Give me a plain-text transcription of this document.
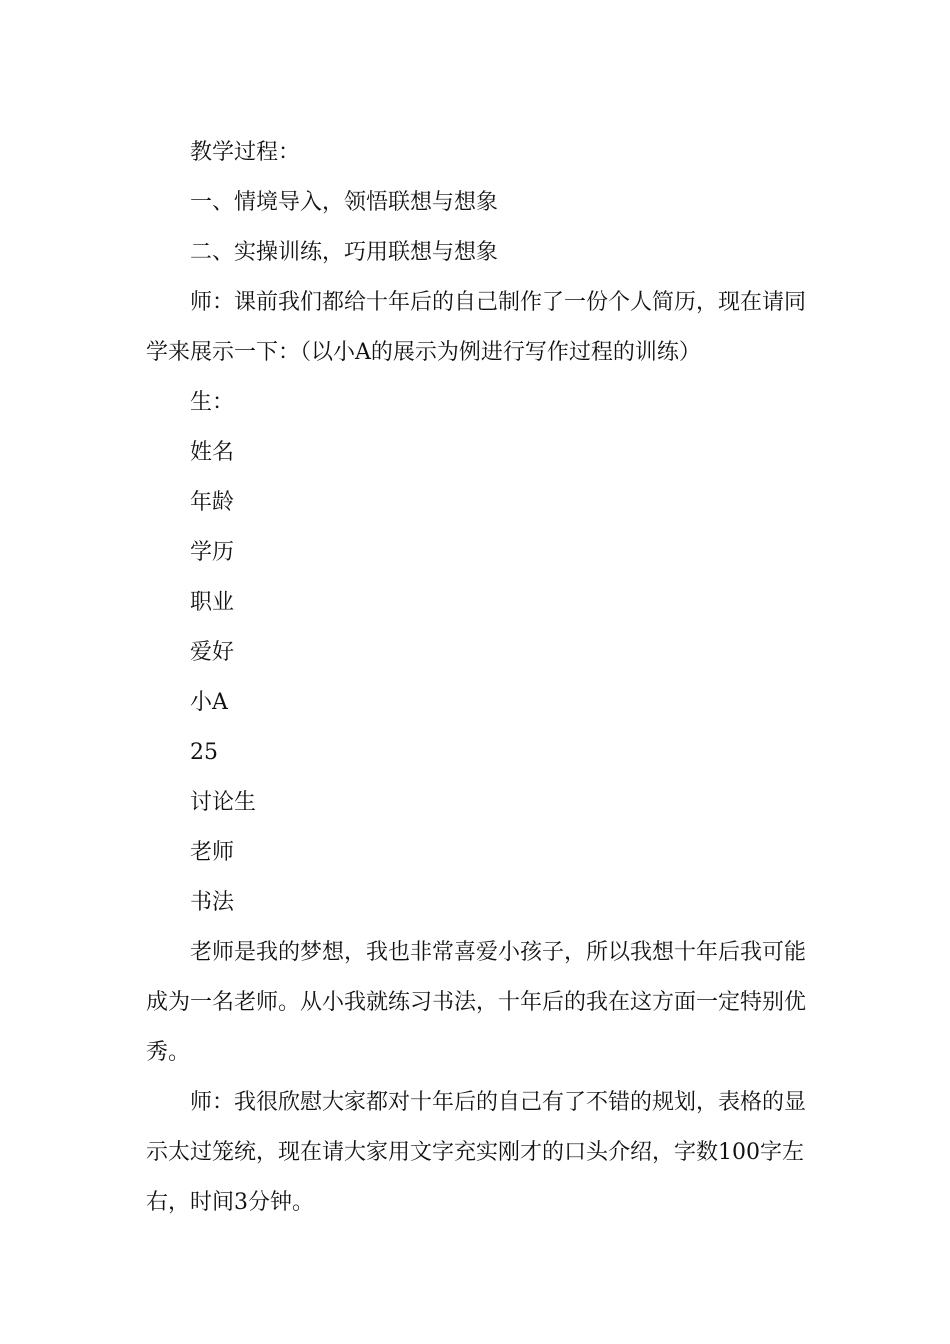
教学过程：

一、情境导入，领悟联想与想象

二、实操训练，巧用联想与想象

师：课前我们都给十年后的自己制作了一份个人简历，现在请同学来展示一下：（以小A的展示为例进行写作过程的训练）

生：

姓名

年龄

学历

职业

爱好

小A

25

讨论生

老师

书法

老师是我的梦想，我也非常喜爱小孩子，所以我想十年后我可能成为一名老师。从小我就练习书法，十年后的我在这方面一定特别优秀。

师：我很欣慰大家都对十年后的自己有了不错的规划，表格的显示太过笼统，现在请大家用文字充实刚才的口头介绍，字数100字左右，时间3分钟。
